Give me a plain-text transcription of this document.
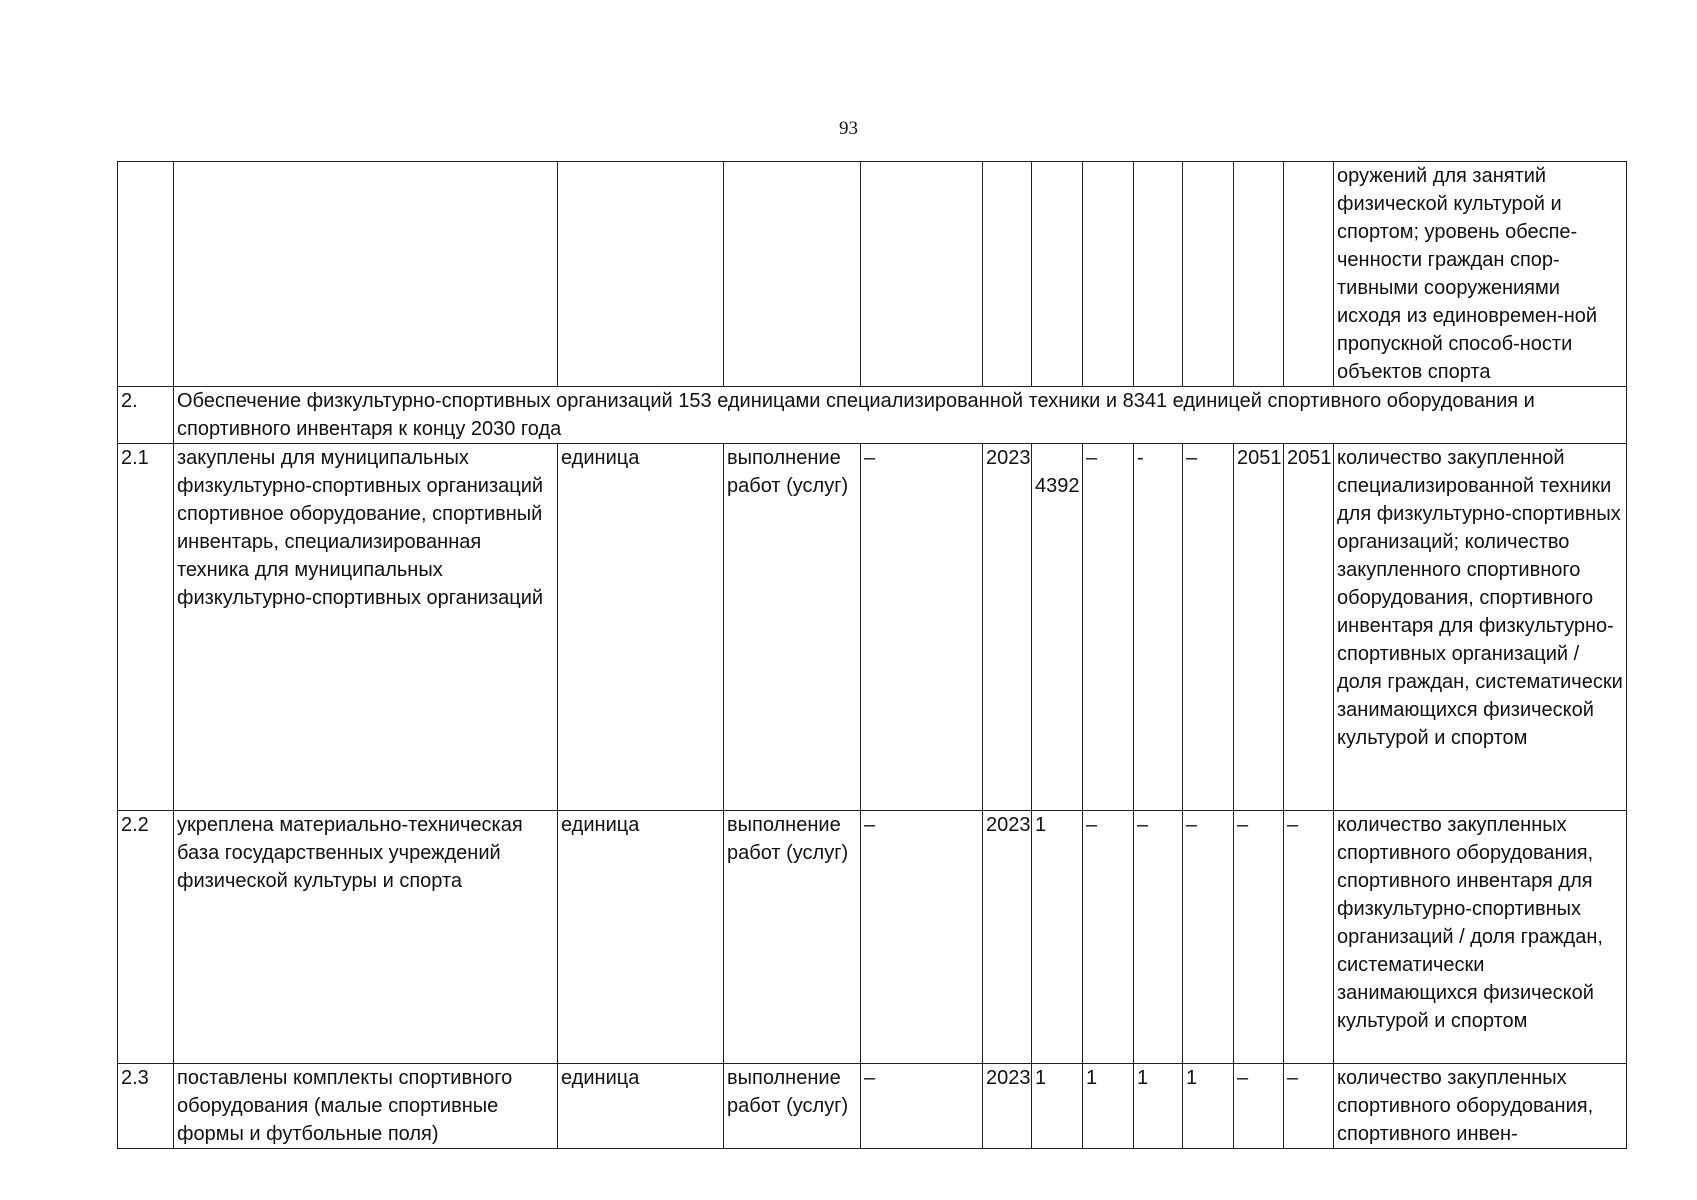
93
												оружений для занятий физической культурой и спортом; уровень обеспе-ченности граждан спор-тивными сооружениями исходя из единовремен-ной пропускной способ-ности объектов спорта
2.	Обеспечение физкультурно-спортивных организаций 153 единицами специализированной техники и 8341 единицей спортивного оборудования и спортивного инвентаря к концу 2030 года											
2.1	закуплены для муниципальных физкультурно-спортивных организаций спортивное оборудование, спортивный инвентарь, специализированная техника для муниципальных физкультурно-спортивных организаций	единица	выполнение работ (услуг)	–	2023	4392	–	-	–	2051	2051	количество закупленной специализированной техники для физкультурно-спортивных организаций; количество закупленного спортивного оборудования, спортивного инвентаря для физкультурно-спортивных организаций / доля граждан, систематически занимающихся физической культурой и спортом
2.2	укреплена материально-техническая база государственных учреждений физической культуры и спорта	единица	выполнение работ (услуг)	–	2023	1	–	–	–	–	–	количество закупленных спортивного оборудования, спортивного инвентаря для физкультурно-спортивных организаций / доля граждан, систематически занимающихся физической культурой и спортом
2.3	поставлены комплекты спортивного оборудования (малые спортивные формы и футбольные поля)	единица	выполнение работ (услуг)	–	2023	1	1	1	1	–	–	количество закупленных спортивного оборудования, спортивного инвен-
